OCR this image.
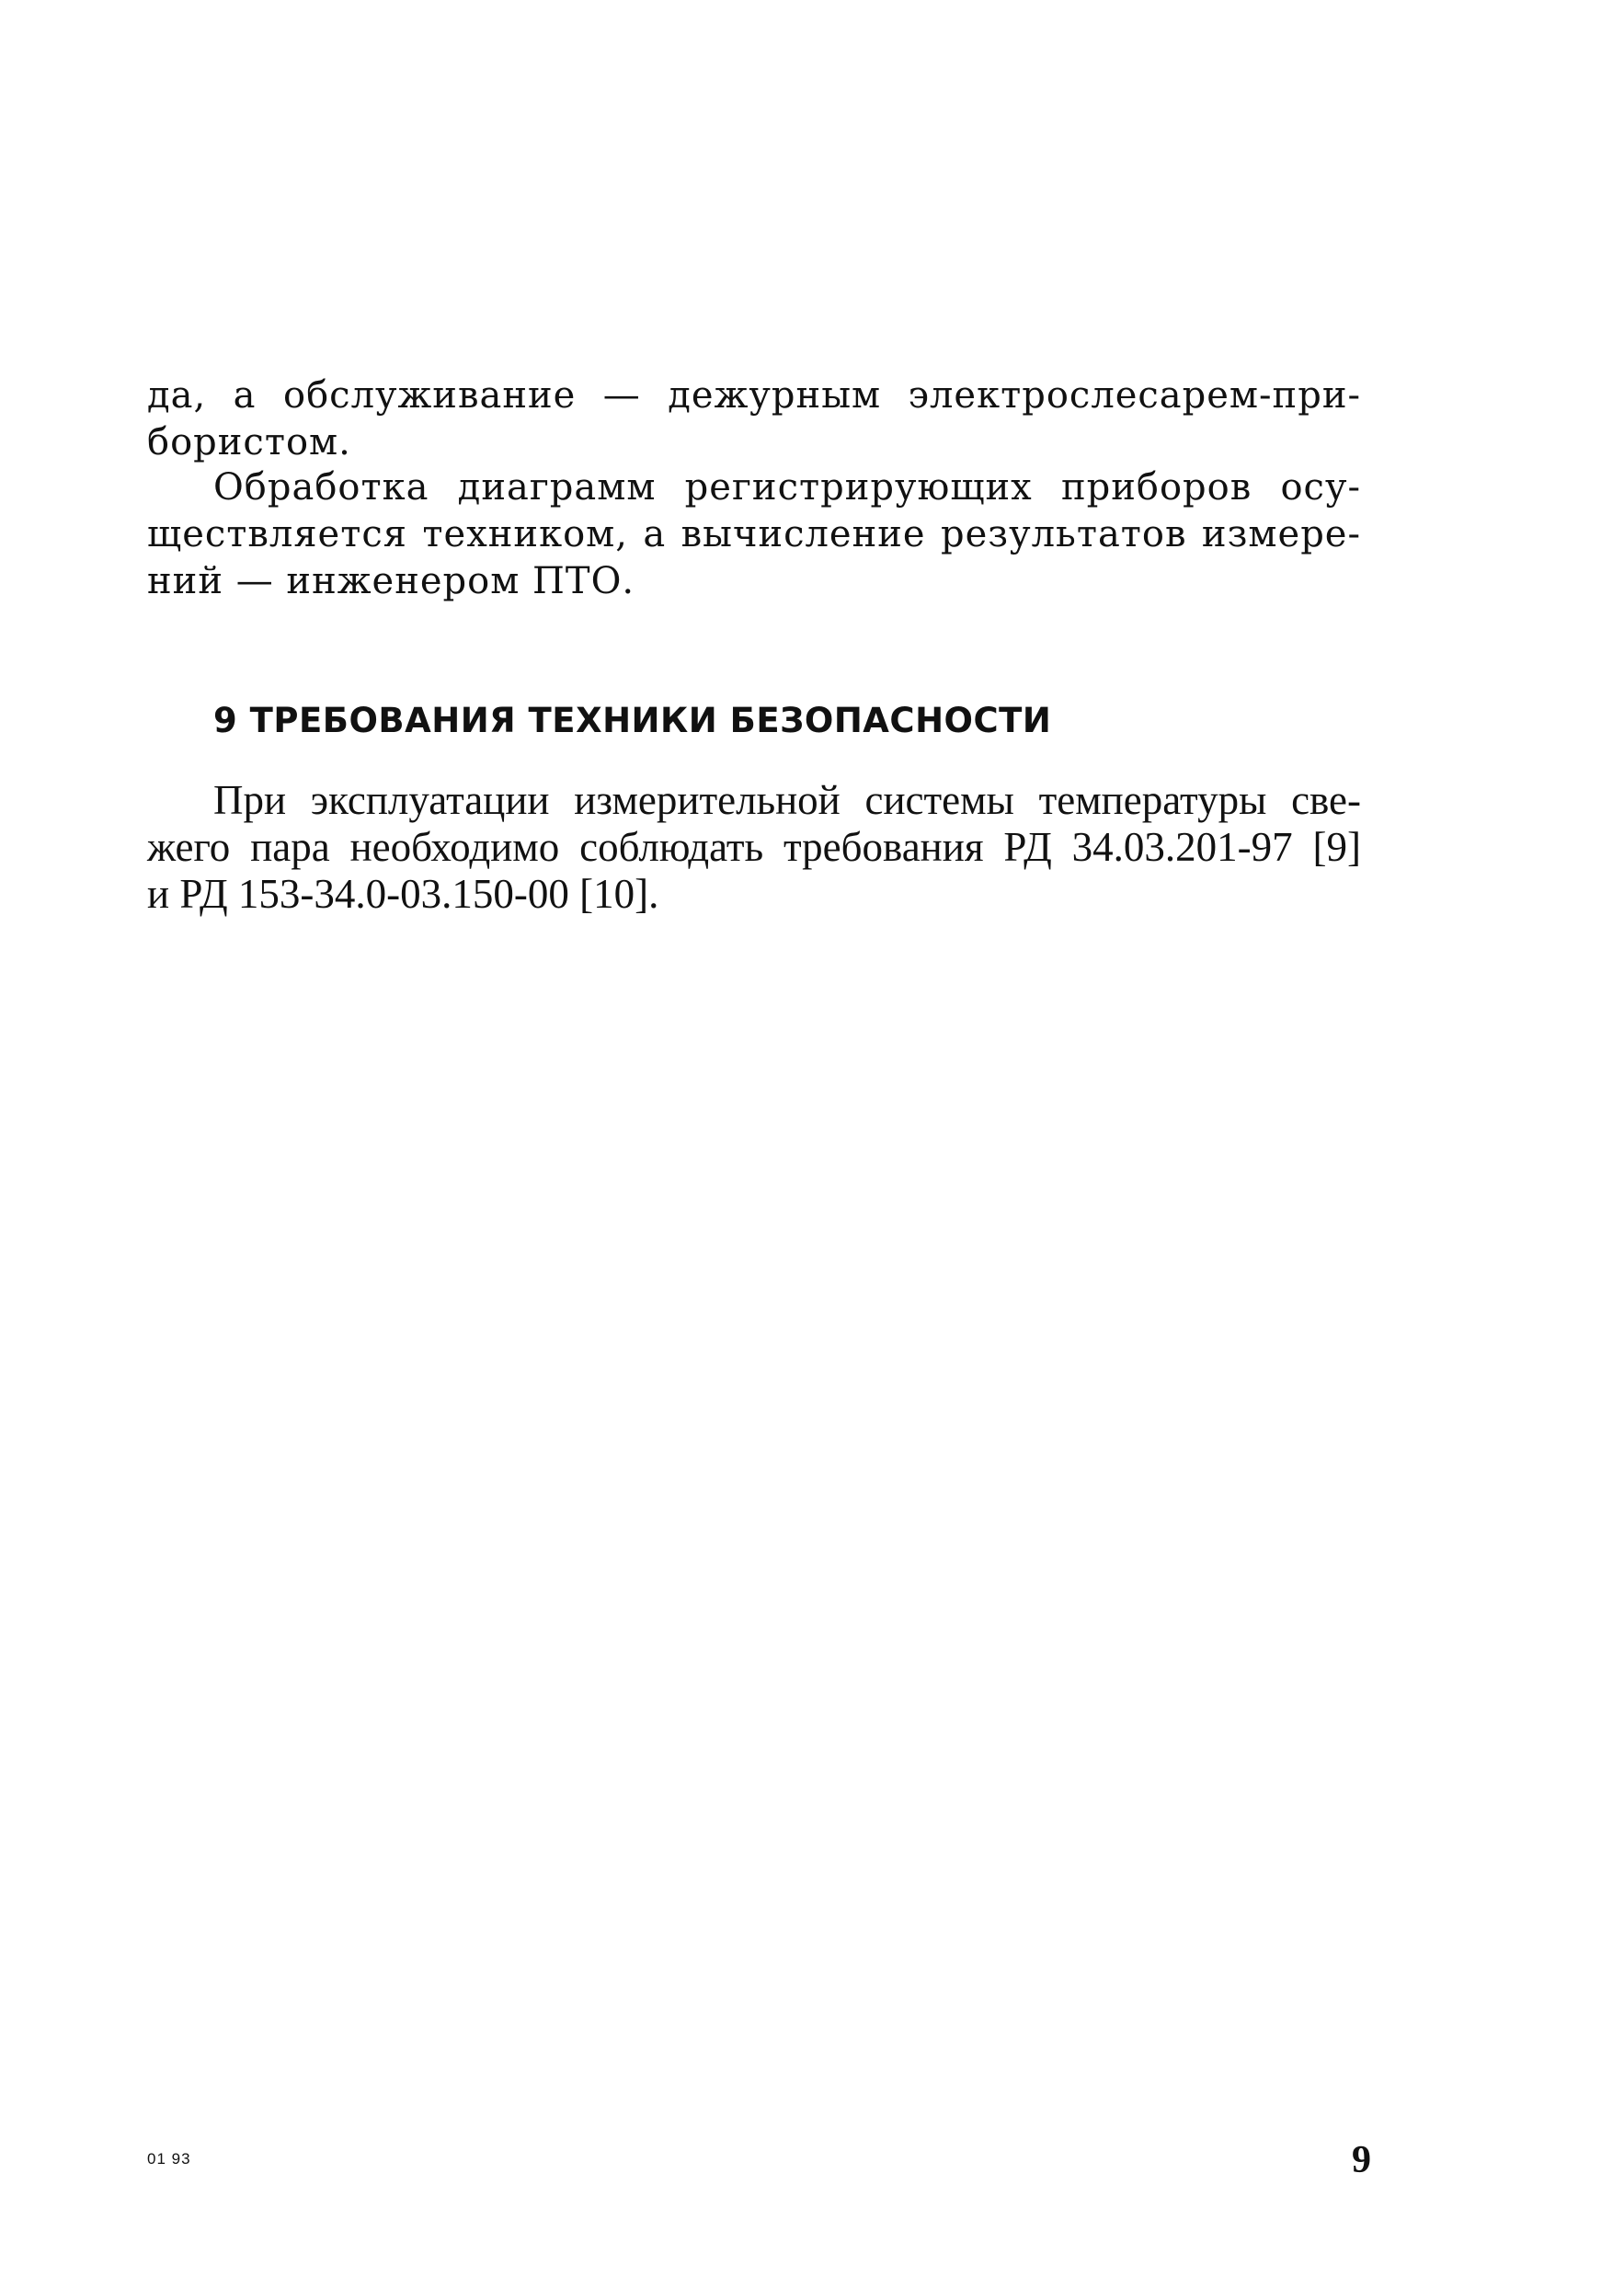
да, а обслуживание — дежурным электрослесарем-при-
бористом.
Обработка диаграмм регистрирующих приборов осу-
ществляется техником, а вычисление результатов измере-
ний — инженером ПТО.
9 ТРЕБОВАНИЯ ТЕХНИКИ БЕЗОПАСНОСТИ
При эксплуатации измерительной системы температуры све-
жего пара необходимо соблюдать требования РД 34.03.201-97 [9]
и РД 153-34.0-03.150-00 [10].
01 93	9
